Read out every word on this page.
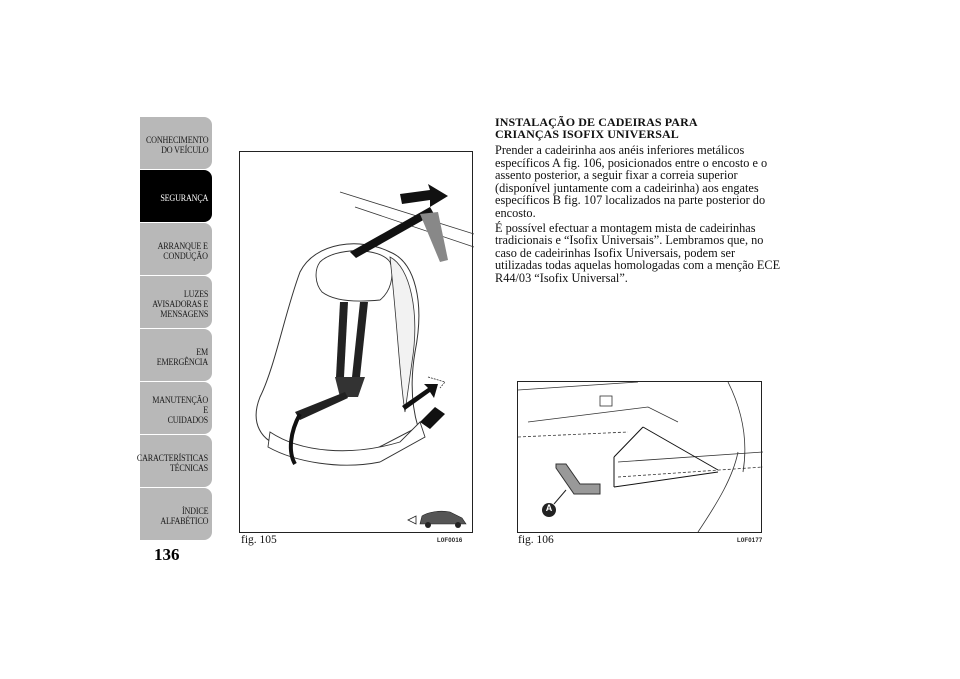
CONHECIMENTO
DO VEÍCULO
SEGURANÇA
ARRANQUE E
CONDUÇÃO
LUZES
AVISADORAS E
MENSAGENS
EM EMERGÊNCIA
MANUTENÇÃO E
CUIDADOS
CARACTERÍSTICAS
TÉCNICAS
ÍNDICE
ALFABÉTICO
136
fig. 105	L0F0016
A
fig. 106	L0F0177
INSTALAÇÃO DE CADEIRAS PARA
CRIANÇAS ISOFIX UNIVERSAL

Prender a cadeirinha aos anéis inferiores metálicos específicos A fig. 106, posicionados entre o encosto e o assento posterior, a seguir fixar a correia superior (disponível juntamente com a cadeirinha) aos engates específicos B fig. 107 localizados na parte posterior do encosto.

É possível efectuar a montagem mista de cadeirinhas tradicionais e “Isofix Universais”. Lembramos que, no caso de cadeirinhas Isofix Universais, podem ser utilizadas todas aquelas homologadas com a menção ECE R44/03 “Isofix Universal”.
